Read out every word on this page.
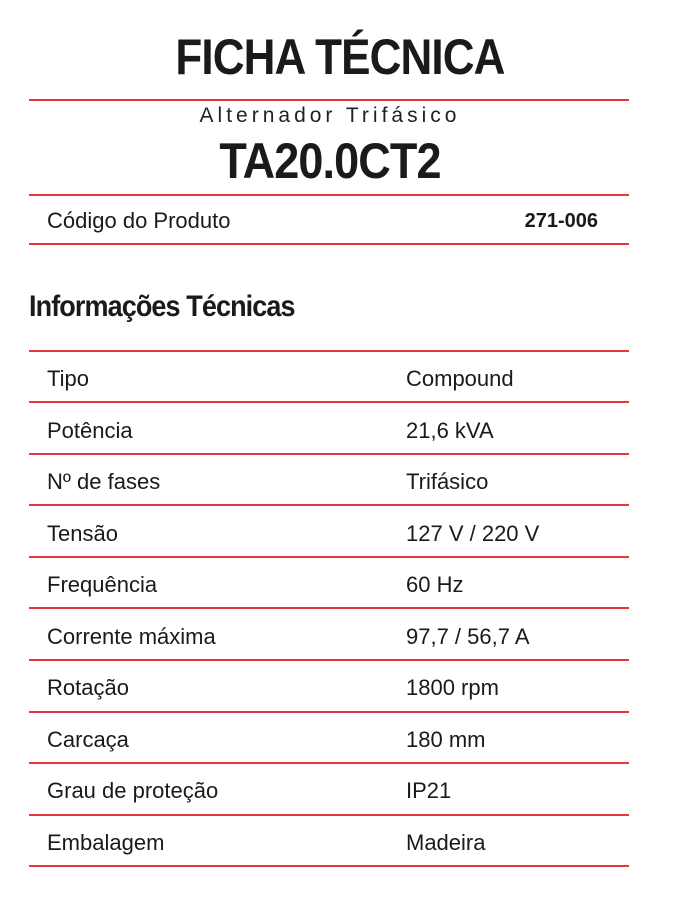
FICHA TÉCNICA
Alternador Trifásico
TA20.0CT2
Código do Produto	271-006
Informações Técnicas
Tipo	Compound
Potência	21,6 kVA
Nº de fases	Trifásico
Tensão	127 V / 220 V
Frequência	60 Hz
Corrente máxima	97,7 / 56,7 A
Rotação	1800 rpm
Carcaça	180 mm
Grau de proteção	IP21
Embalagem	Madeira
